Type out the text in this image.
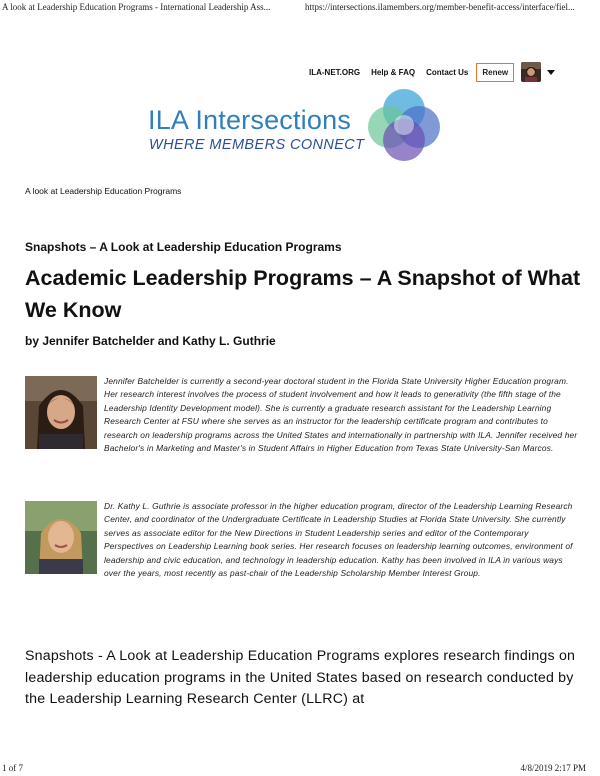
A look at Leadership Education Programs - International Leadership Ass...	https://intersections.ilamembers.org/member-benefit-access/interface/fiel...
ILA-NET.ORG Help & FAQ Contact Us	Renew
ILA Intersections
WHERE MEMBERS CONNECT
A look at Leadership Education Programs
Snapshots – A Look at Leadership Education Programs
Academic Leadership Programs – A Snapshot of What We Know
by Jennifer Batchelder and Kathy L. Guthrie
Jennifer Batchelder is currently a second-year doctoral student in the Florida State University Higher Education program. Her research interest involves the process of student involvement and how it leads to generativity (the fifth stage of the Leadership Identity Development model). She is currently a graduate research assistant for the Leadership Learning Research Center at FSU where she serves as an instructor for the leadership certificate program and contributes to research on leadership programs across the United States and internationally in partnership with ILA. Jennifer received her Bachelor's in Marketing and Master's in Student Affairs in Higher Education from Texas State University-San Marcos.
Dr. Kathy L. Guthrie is associate professor in the higher education program, director of the Leadership Learning Research Center, and coordinator of the Undergraduate Certificate in Leadership Studies at Florida State University. She currently serves as associate editor for the New Directions in Student Leadership series and editor of the Contemporary Perspectives on Leadership Learning book series. Her research focuses on leadership learning outcomes, environment of leadership and civic education, and technology in leadership education. Kathy has been involved in ILA in various ways over the years, most recently as past-chair of the Leadership Scholarship Member Interest Group.

Snapshots - A Look at Leadership Education Programs explores research findings on leadership education programs in the United States based on research conducted by the Leadership Learning Research Center (LLRC) at

1 of 7	4/8/2019 2:17 PM
